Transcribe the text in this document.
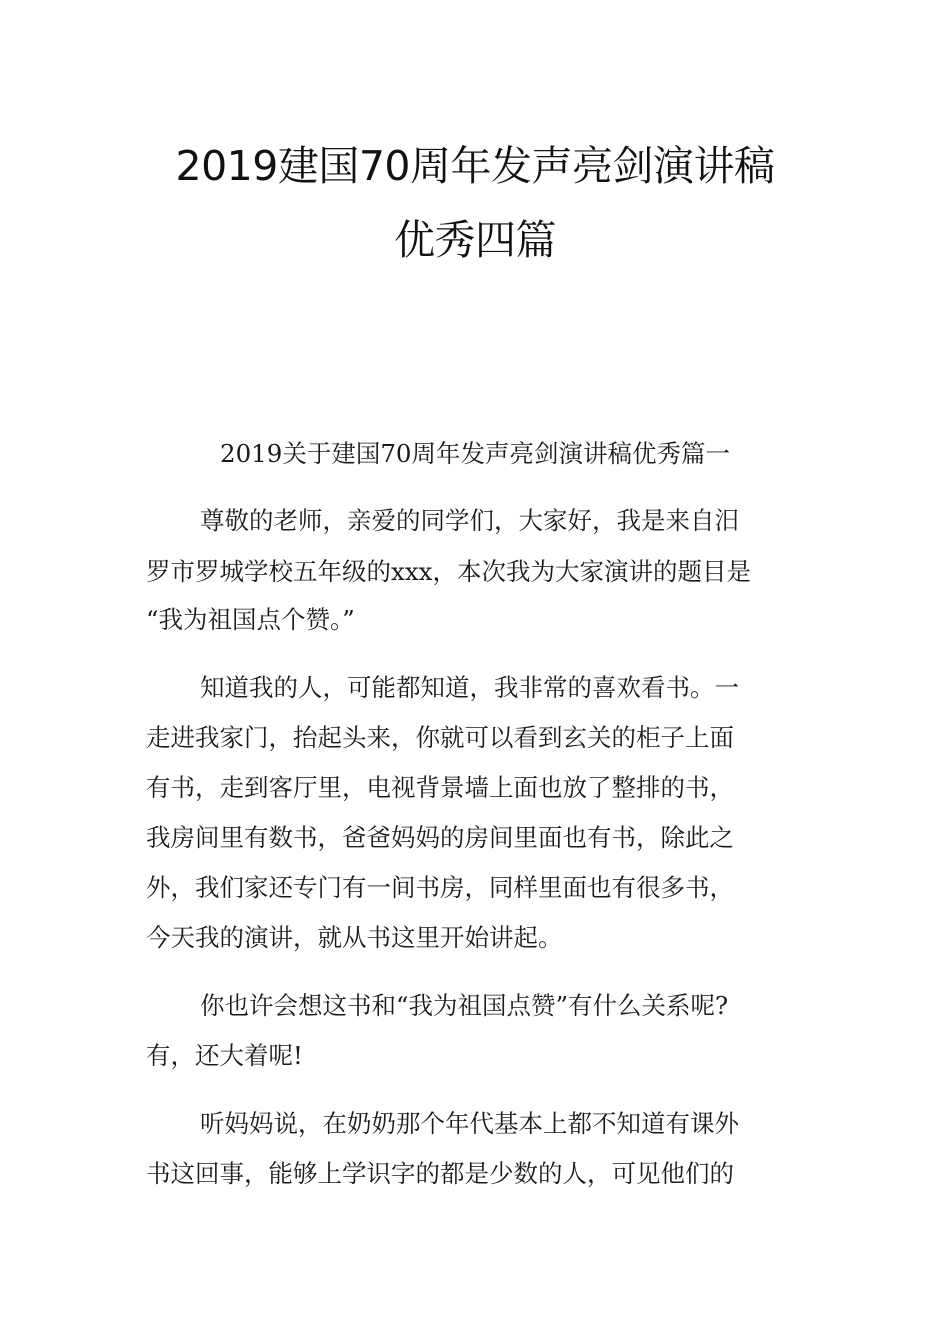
2019建国70周年发声亮剑演讲稿
优秀四篇
2019关于建国70周年发声亮剑演讲稿优秀篇一
尊敬的老师，亲爱的同学们，大家好，我是来自汨
罗市罗城学校五年级的xxx，本次我为大家演讲的题目是
“我为祖国点个赞。”
知道我的人，可能都知道，我非常的喜欢看书。一
走进我家门，抬起头来，你就可以看到玄关的柜子上面
有书，走到客厅里，电视背景墙上面也放了整排的书，
我房间里有数书，爸爸妈妈的房间里面也有书，除此之
外，我们家还专门有一间书房，同样里面也有很多书，
今天我的演讲，就从书这里开始讲起。
你也许会想这书和“我为祖国点赞”有什么关系呢?
有，还大着呢!
听妈妈说，在奶奶那个年代基本上都不知道有课外
书这回事，能够上学识字的都是少数的人，可见他们的
